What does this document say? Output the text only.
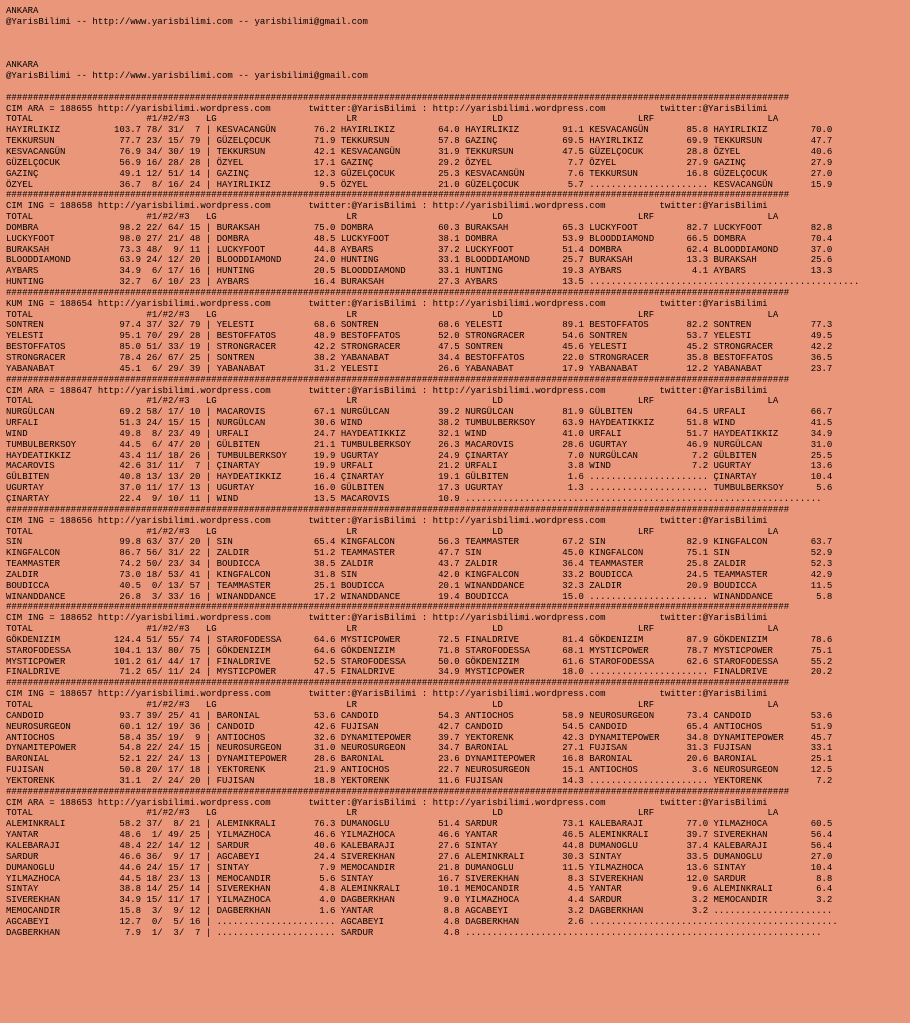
ANKARA
@YarisBilimi -- http://www.yarisbilimi.com -- yarisbilimi@gmail.com

ANKARA
@YarisBilimi -- http://www.yarisbilimi.com -- yarisbilimi@gmail.com

#################################################################################################################################################
CIM ARA = 188655 http://yarisbilimi.wordpress.com       twitter:@YarisBilimi : http://yarisbilimi.wordpress.com          twitter:@YarisBilimi
TOTAL                     #1/#2/#3   LG                        LR                         LD                         LRF                     LA
HAYIRLIKIZ          103.7 78/ 31/  7 | KESVACANGÜN       76.2 HAYIRLIKIZ        64.0 HAYIRLIKIZ        91.1 KESVACANGÜN       85.8 HAYIRLIKIZ        70.0
TEKKURSUN            77.7 23/ 15/ 79 | GÜZELÇOCUK        71.9 TEKKURSUN         57.8 GAZINÇ            69.5 HAYIRLIKIZ        69.9 TEKKURSUN         47.7
KESVACANGÜN          76.9 34/ 30/ 19 | TEKKURSUN         42.1 KESVACANGÜN       31.9 TEKKURSUN         47.5 GÜZELÇOCUK        28.8 ÖZYEL             40.6
GÜZELÇOCUK           56.9 16/ 28/ 28 | ÖZYEL             17.1 GAZINÇ            29.2 ÖZYEL              7.7 ÖZYEL             27.9 GAZINÇ            27.9
GAZINÇ               49.1 12/ 51/ 14 | GAZINÇ            12.3 GÜZELÇOCUK        25.3 KESVACANGÜN        7.6 TEKKURSUN         16.8 GÜZELÇOCUK        27.0
ÖZYEL                36.7  8/ 16/ 24 | HAYIRLIKIZ         9.5 ÖZYEL             21.0 GÜZELÇOCUK         5.7 ...................... KESVACANGÜN       15.9
#################################################################################################################################################
CIM ING = 188658 http://yarisbilimi.wordpress.com       twitter:@YarisBilimi : http://yarisbilimi.wordpress.com          twitter:@YarisBilimi
TOTAL                     #1/#2/#3   LG                        LR                         LD                         LRF                     LA
DOMBRA               98.2 22/ 64/ 15 | BURAKSAH          75.0 DOMBRA            60.3 BURAKSAH          65.3 LUCKYFOOT         82.7 LUCKYFOOT         82.8
LUCKYFOOT            98.0 27/ 21/ 48 | DOMBRA            48.5 LUCKYFOOT         38.1 DOMBRA            53.9 BLOODDIAMOND      66.5 DOMBRA            70.4
BURAKSAH             73.3 48/  9/ 11 | LUCKYFOOT         44.8 AYBARS            37.2 LUCKYFOOT         51.4 DOMBRA            62.4 BLOODDIAMOND      37.0
BLOODDIAMOND         63.9 24/ 12/ 20 | BLOODDIAMOND      24.0 HUNTING           33.1 BLOODDIAMOND      25.7 BURAKSAH          13.3 BURAKSAH          25.6
AYBARS               34.9  6/ 17/ 16 | HUNTING           20.5 BLOODDIAMOND      33.1 HUNTING           19.3 AYBARS             4.1 AYBARS            13.3
HUNTING              32.7  6/ 10/ 23 | AYBARS            16.4 BURAKSAH          27.3 AYBARS            13.5 ..................................................
#################################################################################################################################################
KUM ING = 188654 http://yarisbilimi.wordpress.com       twitter:@YarisBilimi : http://yarisbilimi.wordpress.com          twitter:@YarisBilimi
TOTAL                     #1/#2/#3   LG                        LR                         LD                         LRF                     LA
SONTREN              97.4 37/ 32/ 79 | YELESTI           68.6 SONTREN           68.6 YELESTI           89.1 BESTOFFATOS       82.2 SONTREN           77.3
YELESTI              95.1 70/ 29/ 28 | BESTOFFATOS       48.9 BESTOFFATOS       52.0 STRONGRACER       54.6 SONTREN           53.7 YELESTI           49.5
BESTOFFATOS          85.0 51/ 33/ 19 | STRONGRACER       42.2 STRONGRACER       47.5 SONTREN           45.6 YELESTI           45.2 STRONGRACER       42.2
STRONGRACER          78.4 26/ 67/ 25 | SONTREN           38.2 YABANABAT         34.4 BESTOFFATOS       22.0 STRONGRACER       35.8 BESTOFFATOS       36.5
YABANABAT            45.1  6/ 29/ 39 | YABANABAT         31.2 YELESTI           26.6 YABANABAT         17.9 YABANABAT         12.2 YABANABAT         23.7
#################################################################################################################################################
CIM ARA = 188647 http://yarisbilimi.wordpress.com       twitter:@YarisBilimi : http://yarisbilimi.wordpress.com          twitter:@YarisBilimi
TOTAL                     #1/#2/#3   LG                        LR                         LD                         LRF                     LA
NURGÜLCAN            69.2 58/ 17/ 10 | MACAROVIS         67.1 NURGÜLCAN         39.2 NURGÜLCAN         81.9 GÜLBITEN          64.5 URFALI            66.7
URFALI               51.3 24/ 15/ 15 | NURGÜLCAN         30.6 WIND              38.2 TUMBULBERKSOY     63.9 HAYDEATIKKIZ      51.8 WIND              41.5
WIND                 49.8  8/ 23/ 49 | URFALI            24.7 HAYDEATIKKIZ      32.1 WIND              41.0 URFALI            51.7 HAYDEATIKKIZ      34.9
TUMBULBERKSOY        44.5  6/ 47/ 20 | GÜLBITEN          21.1 TUMBULBERKSOY     26.3 MACAROVIS         28.6 UGURTAY           46.9 NURGÜLCAN         31.0
HAYDEATIKKIZ         43.4 11/ 18/ 26 | TUMBULBERKSOY     19.9 UGURTAY           24.9 ÇINARTAY           7.0 NURGÜLCAN          7.2 GÜLBITEN          25.5
MACAROVIS            42.6 31/ 11/  7 | ÇINARTAY          19.9 URFALI            21.2 URFALI             3.8 WIND               7.2 UGURTAY           13.6
GÜLBITEN             40.8 13/ 13/ 20 | HAYDEATIKKIZ      16.4 ÇINARTAY          19.1 GÜLBITEN           1.6 ...................... ÇINARTAY          10.4
UGURTAY              37.0 11/ 17/ 13 | UGURTAY           16.0 GÜLBITEN          17.3 UGURTAY            1.3 ...................... TUMBULBERKSOY      5.6
ÇINARTAY             22.4  9/ 10/ 11 | WIND              13.5 MACAROVIS         10.9 ..................................................................
#################################################################################################################################################
CIM ING = 188656 http://yarisbilimi.wordpress.com       twitter:@YarisBilimi : http://yarisbilimi.wordpress.com          twitter:@YarisBilimi
TOTAL                     #1/#2/#3   LG                        LR                         LD                         LRF                     LA
SIN                  99.8 63/ 37/ 20 | SIN               65.4 KINGFALCON        56.3 TEAMMASTER        67.2 SIN               82.9 KINGFALCON        63.7
KINGFALCON           86.7 56/ 31/ 22 | ZALDIR            51.2 TEAMMASTER        47.7 SIN               45.0 KINGFALCON        75.1 SIN               52.9
TEAMMASTER           74.2 50/ 23/ 34 | BOUDICCA          38.5 ZALDIR            43.7 ZALDIR            36.4 TEAMMASTER        25.8 ZALDIR            52.3
ZALDIR               73.0 18/ 53/ 41 | KINGFALCON        31.8 SIN               42.0 KINGFALCON        33.2 BOUDICCA          24.5 TEAMMASTER        42.9
BOUDICCA             40.5  0/ 13/ 57 | TEAMMASTER        25.1 BOUDICCA          20.1 WINANDDANCE       32.3 ZALDIR            20.9 BOUDICCA          11.5
WINANDDANCE          26.8  3/ 33/ 16 | WINANDDANCE       17.2 WINANDDANCE       19.4 BOUDICCA          15.0 ...................... WINANDDANCE        5.8
#################################################################################################################################################
CIM ING = 188652 http://yarisbilimi.wordpress.com       twitter:@YarisBilimi : http://yarisbilimi.wordpress.com          twitter:@YarisBilimi
TOTAL                     #1/#2/#3   LG                        LR                         LD                         LRF                     LA
GÖKDENIZIM          124.4 51/ 55/ 74 | STAROFODESSA      64.6 MYSTICPOWER       72.5 FINALDRIVE        81.4 GÖKDENIZIM        87.9 GÖKDENIZIM        78.6
STAROFODESSA        104.1 13/ 80/ 75 | GÖKDENIZIM        64.6 GÖKDENIZIM        71.8 STAROFODESSA      68.1 MYSTICPOWER       78.7 MYSTICPOWER       75.1
MYSTICPOWER         101.2 61/ 44/ 17 | FINALDRIVE        52.5 STAROFODESSA      50.0 GÖKDENIZIM        61.6 STAROFODESSA      62.6 STAROFODESSA      55.2
FINALDRIVE           71.2 65/ 11/ 24 | MYSTICPOWER       47.5 FINALDRIVE        34.9 MYSTICPOWER       18.0 ...................... FINALDRIVE        20.2
#################################################################################################################################################
CIM ING = 188657 http://yarisbilimi.wordpress.com       twitter:@YarisBilimi : http://yarisbilimi.wordpress.com          twitter:@YarisBilimi
TOTAL                     #1/#2/#3   LG                        LR                         LD                         LRF                     LA
CANDOID              93.7 39/ 25/ 41 | BARONIAL          53.6 CANDOID           54.3 ANTIOCHOS         58.9 NEUROSURGEON      73.4 CANDOID           53.6
NEUROSURGEON         60.1 12/ 19/ 36 | CANDOID           42.6 FUJISAN           42.7 CANDOID           54.5 CANDOID           65.4 ANTIOCHOS         51.9
ANTIOCHOS            58.4 35/ 19/  9 | ANTIOCHOS         32.6 DYNAMITEPOWER     39.7 YEKTORENK         42.3 DYNAMITEPOWER     34.8 DYNAMITEPOWER     45.7
DYNAMITEPOWER        54.8 22/ 24/ 15 | NEUROSURGEON      31.0 NEUROSURGEON      34.7 BARONIAL          27.1 FUJISAN           31.3 FUJISAN           33.1
BARONIAL             52.1 22/ 24/ 13 | DYNAMITEPOWER     28.6 BARONIAL          23.6 DYNAMITEPOWER     16.8 BARONIAL          20.6 BARONIAL          25.1
FUJISAN              50.8 20/ 17/ 18 | YEKTORENK         21.9 ANTIOCHOS         22.7 NEUROSURGEON      15.1 ANTIOCHOS          3.6 NEUROSURGEON      12.5
YEKTORENK            31.1  2/ 24/ 20 | FUJISAN           18.8 YEKTORENK         11.6 FUJISAN           14.3 ...................... YEKTORENK          7.2
#################################################################################################################################################
CIM ARA = 188653 http://yarisbilimi.wordpress.com       twitter:@YarisBilimi : http://yarisbilimi.wordpress.com          twitter:@YarisBilimi
TOTAL                     #1/#2/#3   LG                        LR                         LD                         LRF                     LA
ALEMINKRALI          58.2 37/  8/ 21 | ALEMINKRALI       76.3 DUMANOGLU         51.4 SARDUR            73.1 KALEBARAJI        77.0 YILMAZHOCA        60.5
YANTAR               48.6  1/ 49/ 25 | YILMAZHOCA        46.6 YILMAZHOCA        46.6 YANTAR            46.5 ALEMINKRALI       39.7 SIVEREKHAN        56.4
KALEBARAJI           48.4 22/ 14/ 12 | SARDUR            40.6 KALEBARAJI        27.6 SINTAY            44.8 DUMANOGLU         37.4 KALEBARAJI        56.4
SARDUR               46.6 36/  9/ 17 | AGCABEYI          24.4 SIVEREKHAN        27.6 ALEMINKRALI       30.3 SINTAY            33.5 DUMANOGLU         27.0
DUMANOGLU            44.6 24/ 15/ 17 | SINTAY             7.9 MEMOCANDIR        21.8 DUMANOGLU         11.5 YILMAZHOCA        13.6 SINTAY            10.4
YILMAZHOCA           44.5 18/ 23/ 13 | MEMOCANDIR         5.6 SINTAY            16.7 SIVEREKHAN         8.3 SIVEREKHAN        12.0 SARDUR             8.8
SINTAY               38.8 14/ 25/ 14 | SIVEREKHAN         4.8 ALEMINKRALI       10.1 MEMOCANDIR         4.5 YANTAR             9.6 ALEMINKRALI        6.4
SIVEREKHAN           34.9 15/ 11/ 17 | YILMAZHOCA         4.0 DAGBERKHAN         9.0 YILMAZHOCA         4.4 SARDUR             3.2 MEMOCANDIR         3.2
MEMOCANDIR           15.8  3/  9/ 12 | DAGBERKHAN         1.6 YANTAR             8.8 AGCABEYI           3.2 DAGBERKHAN         3.2 ......................
AGCABEYI             12.7  0/  5/ 16 | ...................... AGCABEYI           4.8 DAGBERKHAN         2.6 ..............................................
DAGBERKHAN            7.9  1/  3/  7 | ...................... SARDUR             4.8 ..................................................................
